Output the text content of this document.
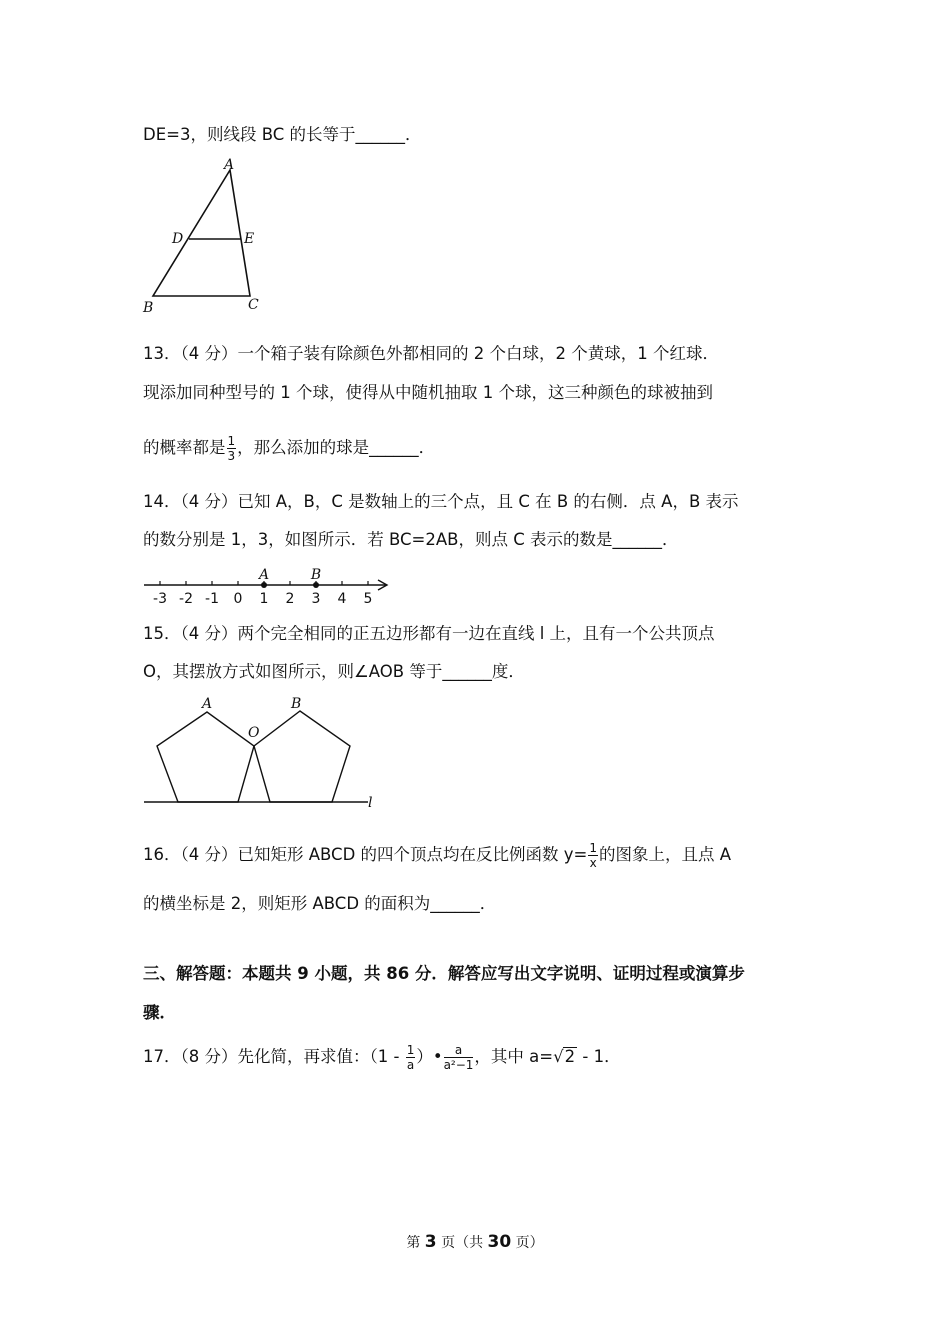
DE=3，则线段 BC 的长等于______．
A
D	E
B	C
13．（4 分）一个箱子装有除颜色外都相同的 2 个白球，2 个黄球，1 个红球．
现添加同种型号的 1 个球，使得从中随机抽取 1 个球，这三种颜色的球被抽到
的概率都是 $\frac{1}{3}$ ，那么添加的球是______．
14．（4 分）已知 A，B，C 是数轴上的三个点，且 C 在 B 的右侧．点 A，B 表示
的数分别是 1，3，如图所示．若 BC=2AB，则点 C 表示的数是______．
-3 -2 -1 0 1 2 3 4 5
A	B
15．（4 分）两个完全相同的正五边形都有一边在直线 l 上，且有一个公共顶点
O，其摆放方式如图所示，则∠AOB 等于______度．
A	B
O
l
16．（4 分）已知矩形 ABCD 的四个顶点均在反比例函数 $y= \frac{1}{x}$ 的图象上，且点 A
的横坐标是 2，则矩形 ABCD 的面积为______．
三、解答题：本题共 9 小题，共 86 分．解答应写出文字说明、证明过程或演算步
骤．
17．（8 分）先化简，再求值：（$1 - \frac{1}{a}$ ）• $\frac{a}{\text{a²−1}}$ ，其中 a=√2 - 1．
第 3 页（共 30 页）
